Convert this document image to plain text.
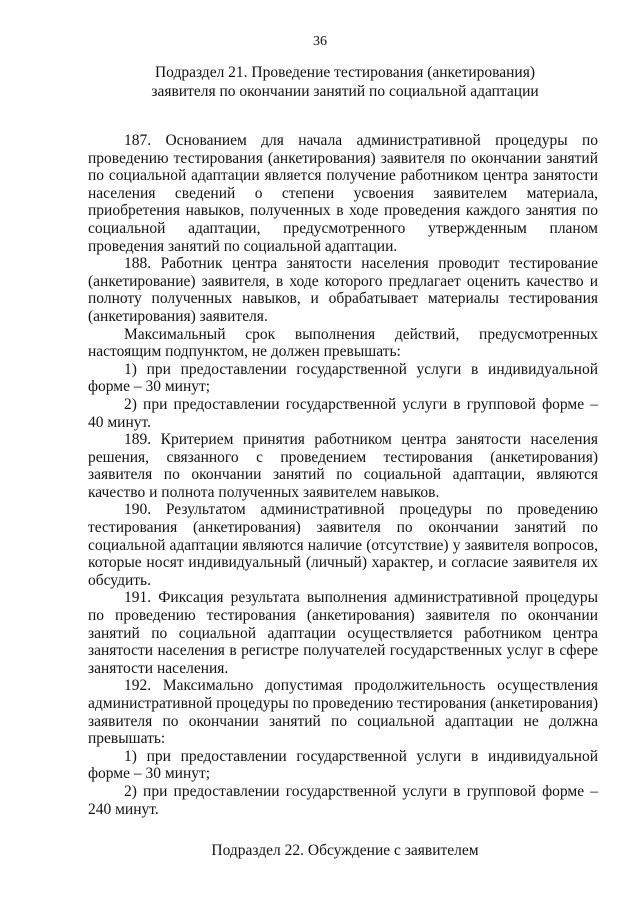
36
Подраздел 21. Проведение тестирования (анкетирования) заявителя по окончании занятий по социальной адаптации

187. Основанием для начала административной процедуры по проведению тестирования (анкетирования) заявителя по окончании занятий по социальной адаптации является получение работником центра занятости населения сведений о степени усвоения заявителем материала, приобретения навыков, полученных в ходе проведения каждого занятия по социальной адаптации, предусмотренного утвержденным планом проведения занятий по социальной адаптации.

188. Работник центра занятости населения проводит тестирование (анкетирование) заявителя, в ходе которого предлагает оценить качество и полноту полученных навыков, и обрабатывает материалы тестирования (анкетирования) заявителя.

Максимальный срок выполнения действий, предусмотренных настоящим подпунктом, не должен превышать:

1) при предоставлении государственной услуги в индивидуальной форме – 30 минут;

2) при предоставлении государственной услуги в групповой форме – 40 минут.

189. Критерием принятия работником центра занятости населения решения, связанного с проведением тестирования (анкетирования) заявителя по окончании занятий по социальной адаптации, являются качество и полнота полученных заявителем навыков.

190. Результатом административной процедуры по проведению тестирования (анкетирования) заявителя по окончании занятий по социальной адаптации являются наличие (отсутствие) у заявителя вопросов, которые носят индивидуальный (личный) характер, и согласие заявителя их обсудить.

191. Фиксация результата выполнения административной процедуры по проведению тестирования (анкетирования) заявителя по окончании занятий по социальной адаптации осуществляется работником центра занятости населения в регистре получателей государственных услуг в сфере занятости населения.

192. Максимально допустимая продолжительность осуществления административной процедуры по проведению тестирования (анкетирования) заявителя по окончании занятий по социальной адаптации не должна превышать:

1) при предоставлении государственной услуги в индивидуальной форме – 30 минут;

2) при предоставлении государственной услуги в групповой форме – 240 минут.

Подраздел 22. Обсуждение с заявителем
